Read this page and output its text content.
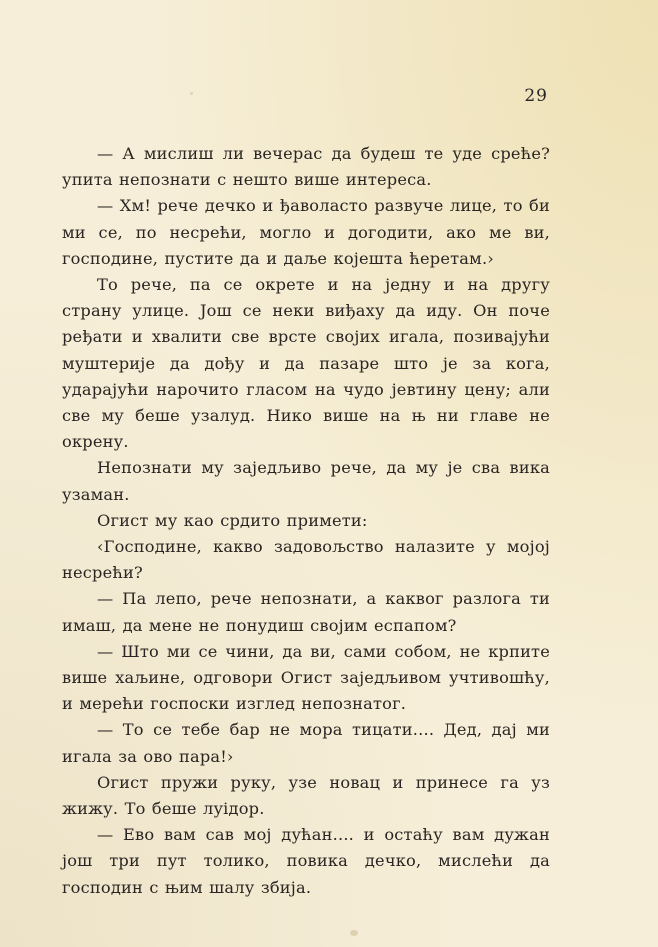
29

— А мислиш ли вечерас да будеш те уде среће? упита непознати с нешто више интереса.

— Хм! рече дечко и ђаволасто развуче лице, то би ми се, по несрећи, могло и догодити, ако ме ви, господине, пустите да и даље којешта ћеретам.›

То рече, па се окрете и на једну и на другу страну улице. Још се неки виђаху да иду. Он поче ређати и хвалити све врсте својих игала, позивајући муштерије да дођу и да пазаре што је за кога, ударајући нарочито гласом на чудо јевтину цену; али све му беше узалуд. Нико више на њ ни главе не окрену.

Непознати му заједљиво рече, да му је сва вика узаман.

Огист му као срдито примети:

‹Господине, какво задовољство налазите у мојој несрећи?

— Па лепо, рече непознати, а каквог разлога ти имаш, да мене не понудиш својим еспапом?

— Што ми се чини, да ви, сами собом, не крпите више хаљине, одговори Огист заједљивом учтивошћу, и мерећи госпоски изглед непознатог.

— То се тебе бар не мора тицати.... Дед, дај ми игала за ово пара!›

Огист пружи руку, узе новац и принесе га уз жижу. То беше луідор.

— Ево вам сав мој дућан.... и остаћу вам дужан још три пут толико, повика дечко, мислећи да господин с њим шалу збија.
